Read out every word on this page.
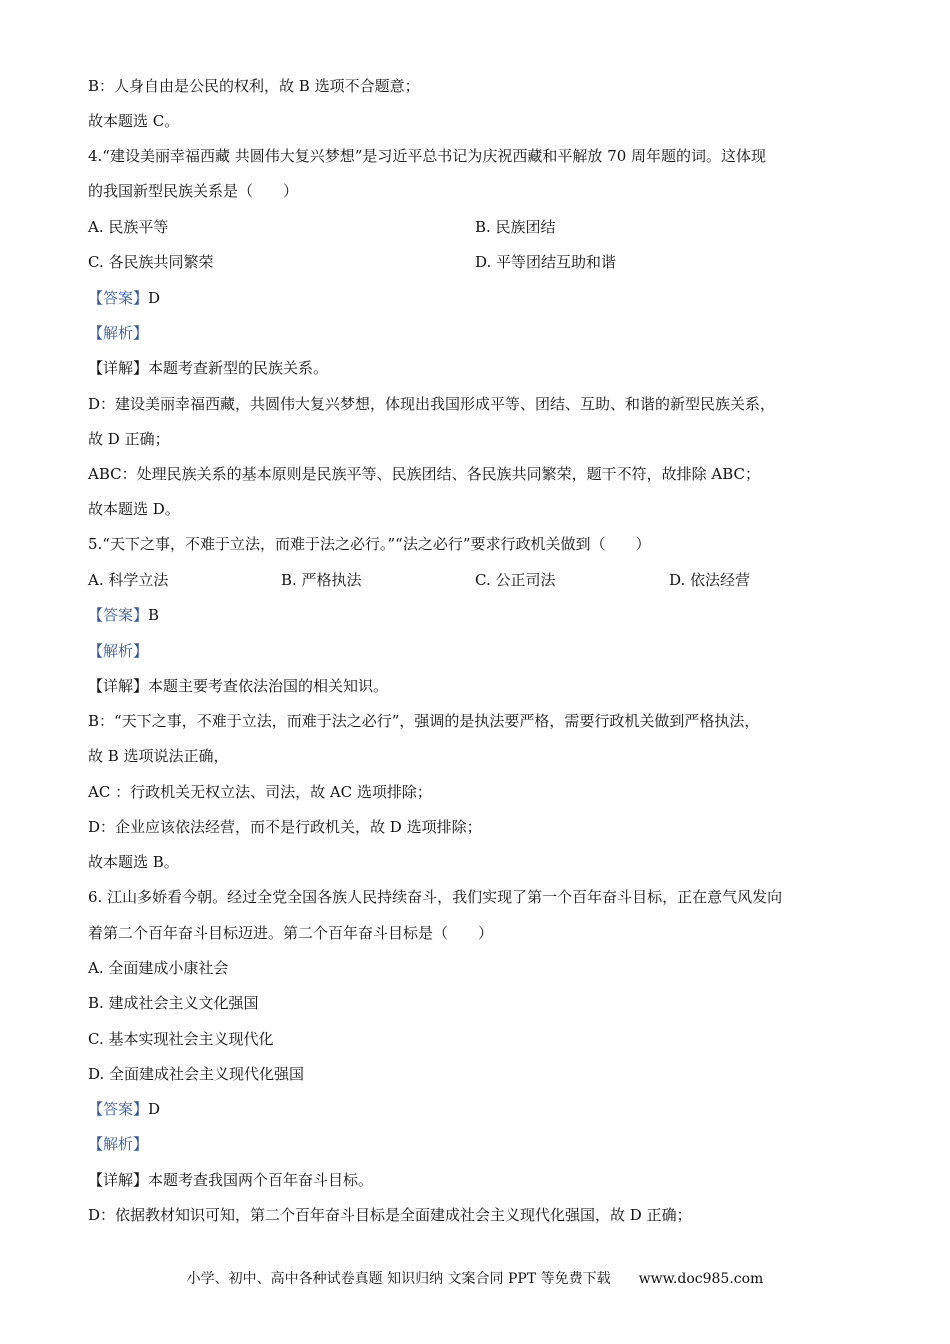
B：人身自由是公民的权利，故 B 选项不合题意；
故本题选 C。
4.“建设美丽幸福西藏 共圆伟大复兴梦想”是习近平总书记为庆祝西藏和平解放 70 周年题的词。这体现
的我国新型民族关系是（　　）
A. 民族平等	B. 民族团结
C. 各民族共同繁荣	D. 平等团结互助和谐
【答案】D
【解析】
【详解】本题考查新型的民族关系。
D：建设美丽幸福西藏，共圆伟大复兴梦想，体现出我国形成平等、团结、互助、和谐的新型民族关系，
故 D 正确；
ABC：处理民族关系的基本原则是民族平等、民族团结、各民族共同繁荣，题干不符，故排除 ABC；
故本题选 D。
5.“天下之事，不难于立法，而难于法之必行。”“法之必行”要求行政机关做到（　　）
A. 科学立法	B. 严格执法	C. 公正司法	D. 依法经营
【答案】B
【解析】
【详解】本题主要考查依法治国的相关知识。
B：“天下之事，不难于立法，而难于法之必行”，强调的是执法要严格，需要行政机关做到严格执法，
故 B 选项说法正确，
AC ：行政机关无权立法、司法，故 AC 选项排除；
D：企业应该依法经营，而不是行政机关，故 D 选项排除；
故本题选 B。
6. 江山多娇看今朝。经过全党全国各族人民持续奋斗，我们实现了第一个百年奋斗目标，正在意气风发向
着第二个百年奋斗目标迈进。第二个百年奋斗目标是（　　）
A. 全面建成小康社会
B. 建成社会主义文化强国
C. 基本实现社会主义现代化
D. 全面建成社会主义现代化强国
【答案】D
【解析】
【详解】本题考查我国两个百年奋斗目标。
D：依据教材知识可知，第二个百年奋斗目标是全面建成社会主义现代化强国，故 D 正确；
小学、初中、高中各种试卷真题 知识归纳 文案合同 PPT 等免费下载 www.doc985.com
